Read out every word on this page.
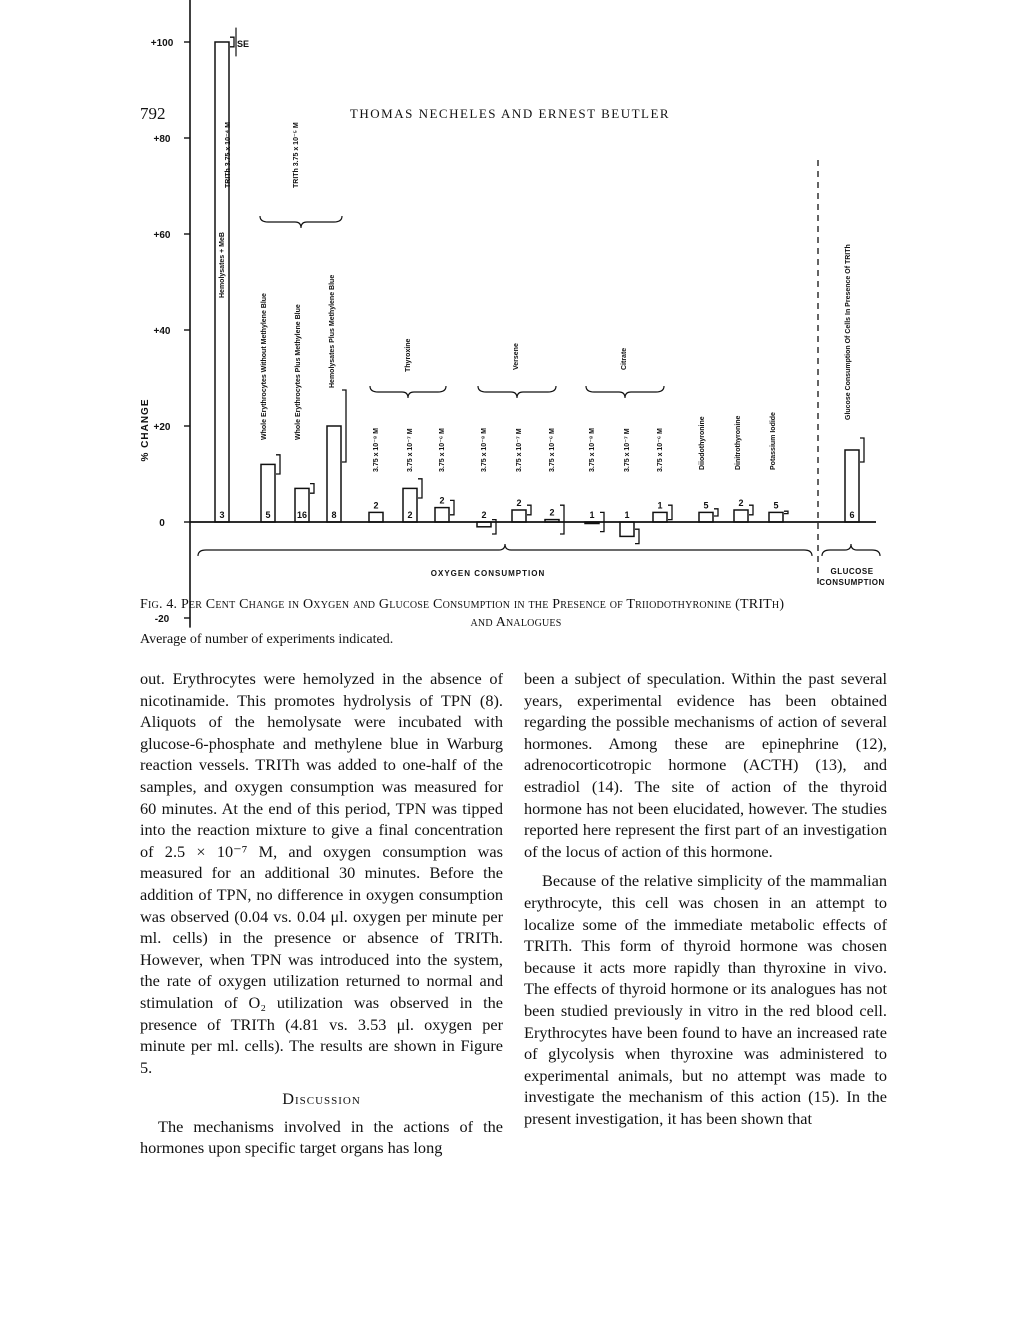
792	THOMAS NECHELES AND ERNEST BEUTLER
+100
+80
+60
+40
+20
0
-20
% CHANGE
3	5	16	8
2
2
2
2
2
2	1	1
1	5	2	5
6
SE
Hemolysates + MeB
Whole Erythrocytes Without Methylene Blue	Whole Erythrocytes Plus Methylene Blue	Hemolysates Plus Methylene Blue	Thyroxine	Versene	Citrate
Diiodothyronine	Dinitrothyronine	Potassium Iodide
Glucose Consumption Of Cells In Presence Of TRITh
TRITh 3.75 x 10⁻⁴ M	TRITh 3.75 x 10⁻⁵ M
3.75 x 10⁻⁸ M	3.75 x 10⁻⁷ M	3.75 x 10⁻⁶ M	3.75 x 10⁻⁸ M	3.75 x 10⁻⁷ M	3.75 x 10⁻⁶ M	3.75 x 10⁻⁸ M	3.75 x 10⁻⁷ M	3.75 x 10⁻⁶ M
OXYGEN CONSUMPTION	GLUCOSE
CONSUMPTION
Fig. 4. Per Cent Change in Oxygen and Glucose Consumption in the Presence of Triiodothyronine (TRITh)
and Analogues
Average of number of experiments indicated.

out. Erythrocytes were hemolyzed in the absence of nicotinamide. This promotes hydrolysis of TPN (8). Aliquots of the hemolysate were incubated with glucose-6-phosphate and methylene blue in Warburg reaction vessels. TRITh was added to one-half of the samples, and oxygen consumption was measured for 60 minutes. At the end of this period, TPN was tipped into the reaction mixture to give a final concentration of 2.5 × 10⁻⁷ M, and oxygen consumption was measured for an additional 30 minutes. Before the addition of TPN, no difference in oxygen consumption was observed (0.04 vs. 0.04 μl. oxygen per minute per ml. cells) in the presence or absence of TRITh. However, when TPN was introduced into the system, the rate of oxygen utilization returned to normal and stimulation of O₂ utilization was observed in the presence of TRITh (4.81 vs. 3.53 μl. oxygen per minute per ml. cells). The results are shown in Figure 5.

Discussion

The mechanisms involved in the actions of the hormones upon specific target organs has long

been a subject of speculation. Within the past several years, experimental evidence has been obtained regarding the possible mechanisms of action of several hormones. Among these are epinephrine (12), adrenocorticotropic hormone (ACTH) (13), and estradiol (14). The site of action of the thyroid hormone has not been elucidated, however. The studies reported here represent the first part of an investigation of the locus of action of this hormone.

Because of the relative simplicity of the mammalian erythrocyte, this cell was chosen in an attempt to localize some of the immediate metabolic effects of TRITh. This form of thyroid hormone was chosen because it acts more rapidly than thyroxine in vivo. The effects of thyroid hormone or its analogues has not been studied previously in vitro in the red blood cell. Erythrocytes have been found to have an increased rate of glycolysis when thyroxine was administered to experimental animals, but no attempt was made to investigate the mechanism of this action (15). In the present investigation, it has been shown that
